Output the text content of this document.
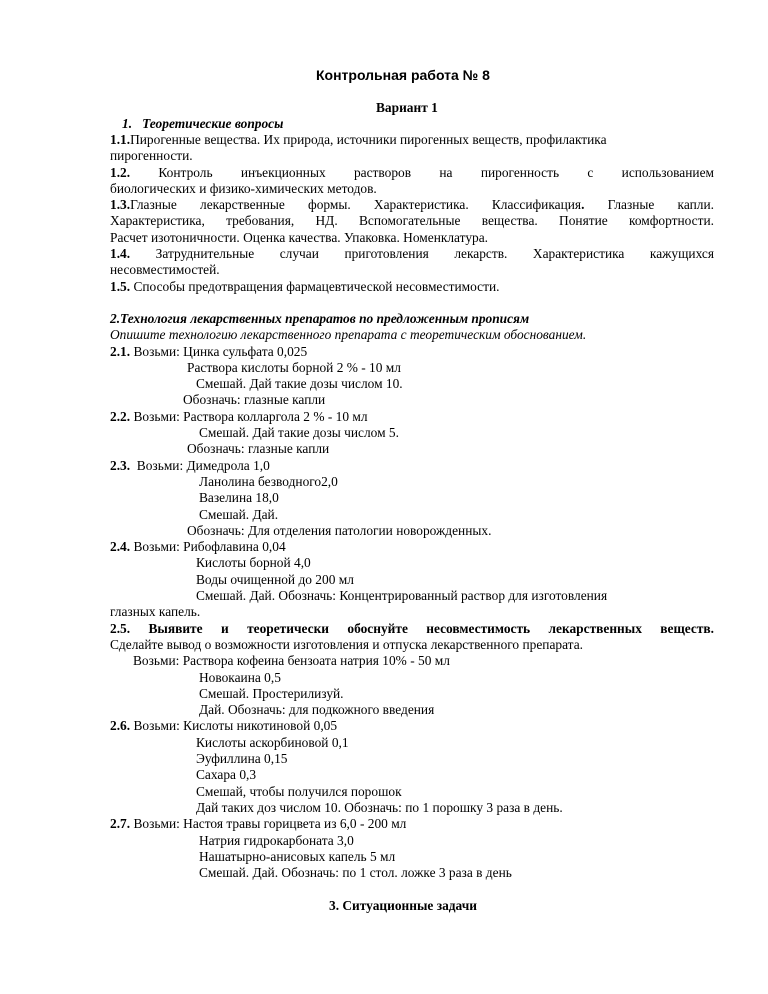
Контрольная работа № 8
Вариант 1
1. Теоретические вопросы
1.1.Пирогенные вещества. Их природа, источники пирогенных веществ, профилактика
пирогенности.
1.2. Контроль инъекционных растворов на пирогенность с использованием
биологических и физико-химических методов.
1.3.Глазные лекарственные формы. Характеристика. Классификация. Глазные капли.
Характеристика, требования, НД. Вспомогательные вещества. Понятие комфортности.
Расчет изотоничности. Оценка качества. Упаковка. Номенклатура.
1.4. Затруднительные случаи приготовления лекарств. Характеристика кажущихся
несовместимостей.
1.5. Способы предотвращения фармацевтической несовместимости.
2.Технология лекарственных препаратов по предложенным прописям
Опишите технологию лекарственного препарата с теоретическим обоснованием.
2.1. Возьми: Цинка сульфата 0,025
Раствора кислоты борной 2 % - 10 мл
Смешай. Дай такие дозы числом 10.
Обозначь: глазные капли
2.2. Возьми: Раствора колларгола 2 % - 10 мл
Смешай. Дай такие дозы числом 5.
Обозначь: глазные капли
2.3. Возьми: Димедрола 1,0
Ланолина безводного2,0
Вазелина 18,0
Смешай. Дай.
Обозначь: Для отделения патологии новорожденных.
2.4. Возьми: Рибофлавина 0,04
Кислоты борной 4,0
Воды очищенной до 200 мл
Смешай. Дай. Обозначь: Концентрированный раствор для изготовления
глазных капель.
2.5. Выявите и теоретически обоснуйте несовместимость лекарственных веществ.
Сделайте вывод о возможности изготовления и отпуска лекарственного препарата.
Возьми: Раствора кофеина бензоата натрия 10% - 50 мл
Новокаина 0,5
Смешай. Простерилизуй.
Дай. Обозначь: для подкожного введения
2.6. Возьми: Кислоты никотиновой 0,05
Кислоты аскорбиновой 0,1
Эуфиллина 0,15
Сахара 0,3
Смешай, чтобы получился порошок
Дай таких доз числом 10. Обозначь: по 1 порошку 3 раза в день.
2.7. Возьми: Настоя травы горицвета из 6,0 - 200 мл
Натрия гидрокарбоната 3,0
Нашатырно-анисовых капель 5 мл
Смешай. Дай. Обозначь: по 1 стол. ложке 3 раза в день
3. Ситуационные задачи
